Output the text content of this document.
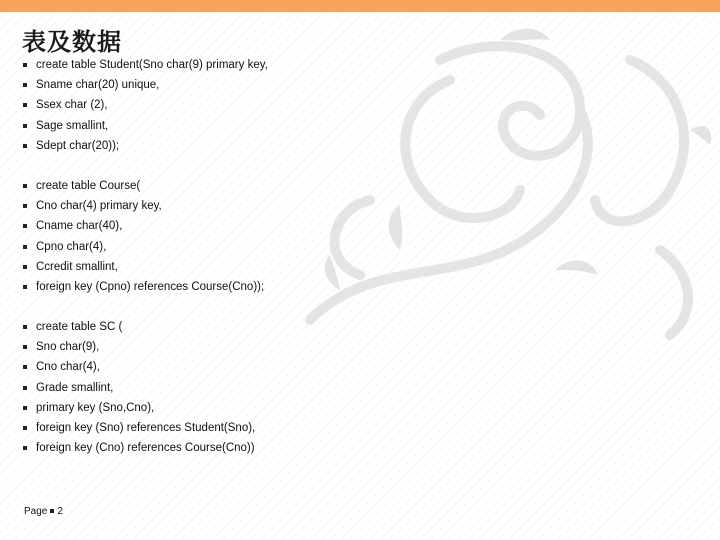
表及数据
create table Student(Sno char(9) primary key,
Sname char(20) unique,
Ssex char (2),
Sage smallint,
Sdept char(20));
create table Course(
Cno char(4) primary key,
Cname char(40),
Cpno char(4),
Ccredit smallint,
foreign key (Cpno) references Course(Cno));
create table SC (
Sno char(9),
Cno char(4),
Grade smallint,
primary key (Sno,Cno),
foreign key (Sno) references Student(Sno),
foreign key (Cno) references Course(Cno))
Page 2
